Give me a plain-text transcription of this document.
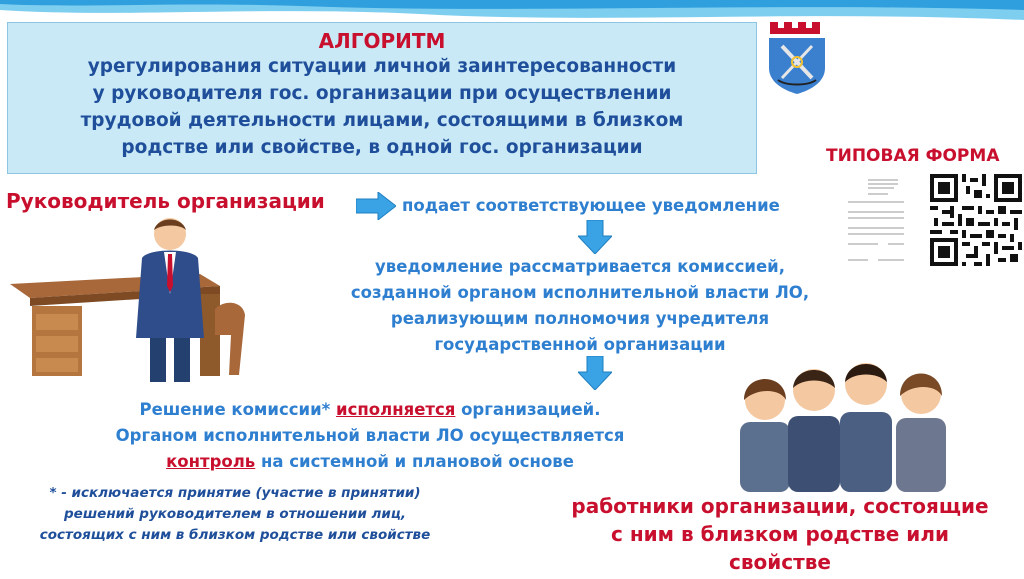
АЛГОРИТМ
урегулирования ситуации личной заинтересованности
у руководителя гос. организации при осуществлении
трудовой деятельности лицами, состоящими в близком
родстве или свойстве, в одной гос. организации	ТИПОВАЯ ФОРМА
Руководитель организации	подает соответствующее уведомление
уведомление рассматривается комиссией,
созданной органом исполнительной власти ЛО,
реализующим полномочия учредителя
государственной организации
Решение комиссии* исполняется организацией.
Органом исполнительной власти ЛО осуществляется
контроль на системной и плановой основе
* - исключается принятие (участие в принятии)
решений руководителем в отношении лиц,
состоящих с ним в близком родстве или свойстве
работники организации, состоящие
с ним в близком родстве или
свойстве
